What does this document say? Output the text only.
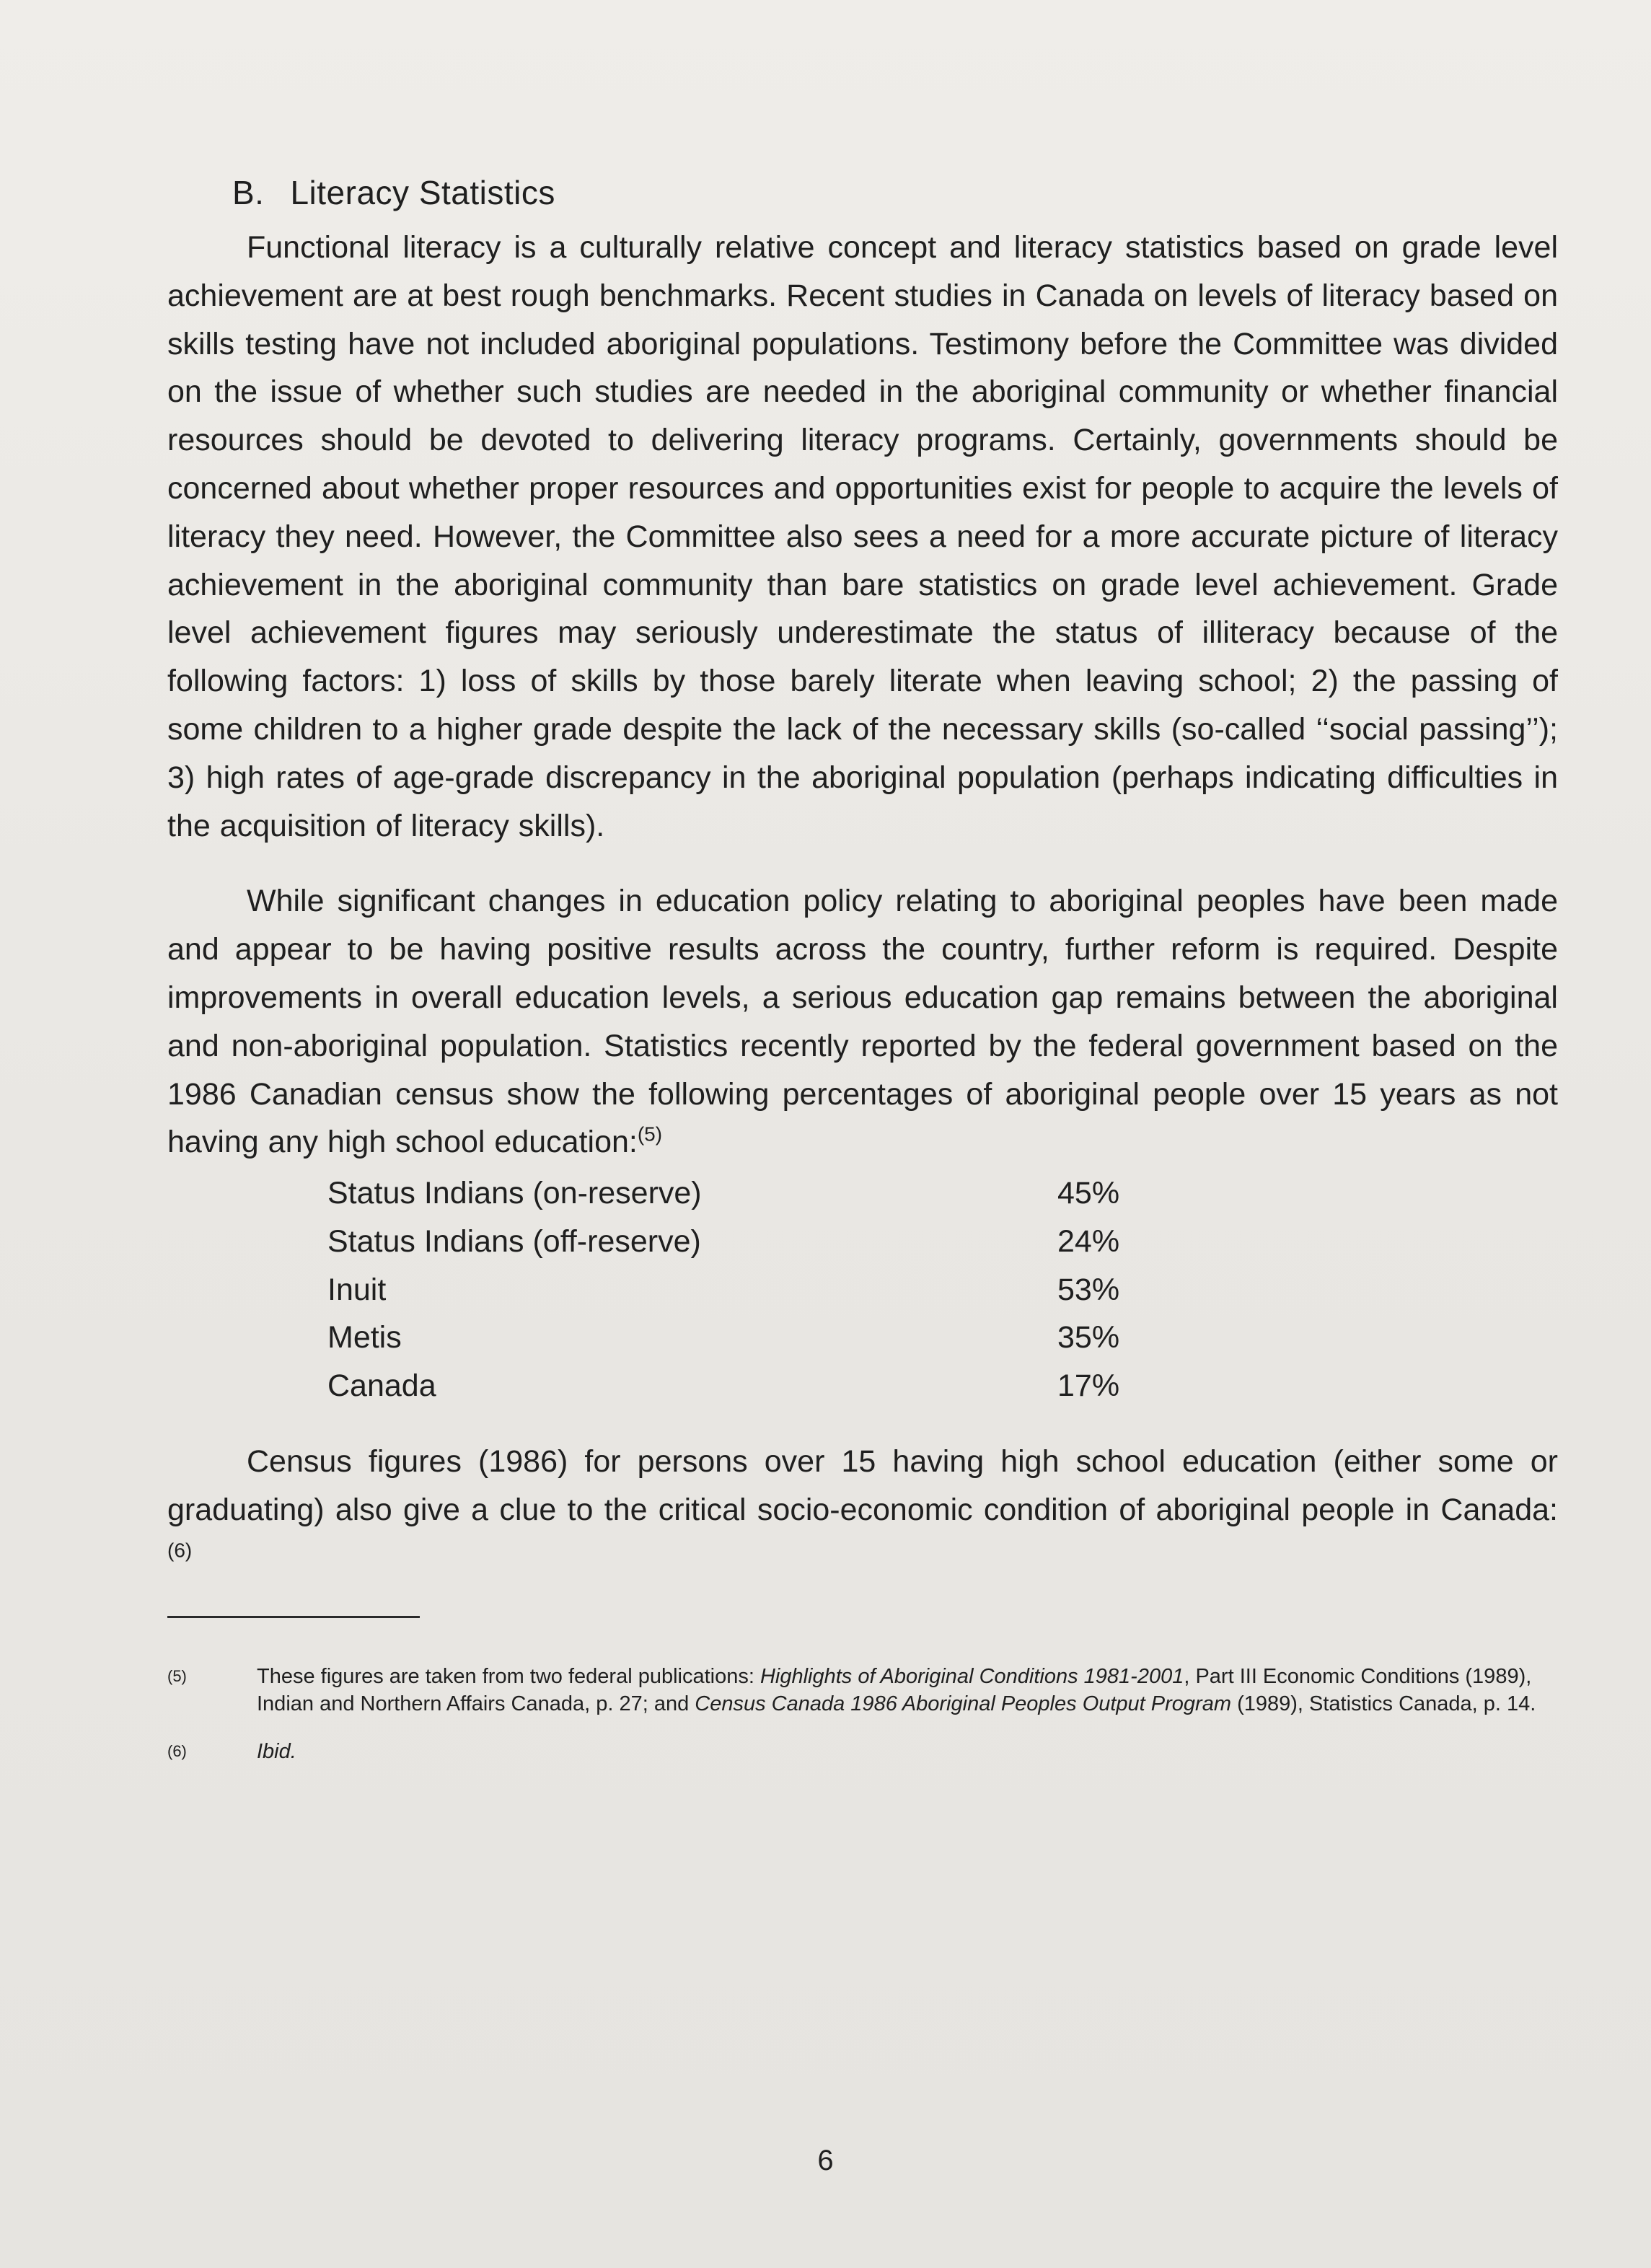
B. Literacy Statistics

Functional literacy is a culturally relative concept and literacy statistics based on grade level achievement are at best rough benchmarks. Recent studies in Canada on levels of literacy based on skills testing have not included aboriginal populations. Testimony before the Committee was divided on the issue of whether such studies are needed in the aboriginal community or whether financial resources should be devoted to delivering literacy programs. Certainly, governments should be concerned about whether proper resources and opportunities exist for people to acquire the levels of literacy they need. However, the Committee also sees a need for a more accurate picture of literacy achievement in the aboriginal community than bare statistics on grade level achievement. Grade level achievement figures may seriously underestimate the status of illiteracy because of the following factors: 1) loss of skills by those barely literate when leaving school; 2) the passing of some children to a higher grade despite the lack of the necessary skills (so-called ‘‘social passing’’); 3) high rates of age-grade discrepancy in the aboriginal population (perhaps indicating difficulties in the acquisition of literacy skills).

While significant changes in education policy relating to aboriginal peoples have been made and appear to be having positive results across the country, further reform is required. Despite improvements in overall education levels, a serious education gap remains between the aboriginal and non-aboriginal population. Statistics recently reported by the federal government based on the 1986 Canadian census show the following percentages of aboriginal people over 15 years as not having any high school education:$^{(5)}$

Status Indians (on-reserve)	45%
Status Indians (off-reserve)	24%
Inuit	53%
Metis	35%
Canada	17%

Census figures (1986) for persons over 15 having high school education (either some or graduating) also give a clue to the critical socio-economic condition of aboriginal people in Canada:$^{(6)}$

(5)	These figures are taken from two federal publications: Highlights of Aboriginal Conditions 1981-2001, Part III Economic Conditions (1989), Indian and Northern Affairs Canada, p. 27; and Census Canada 1986 Aboriginal Peoples Output Program (1989), Statistics Canada, p. 14.
(6)	Ibid.
6
